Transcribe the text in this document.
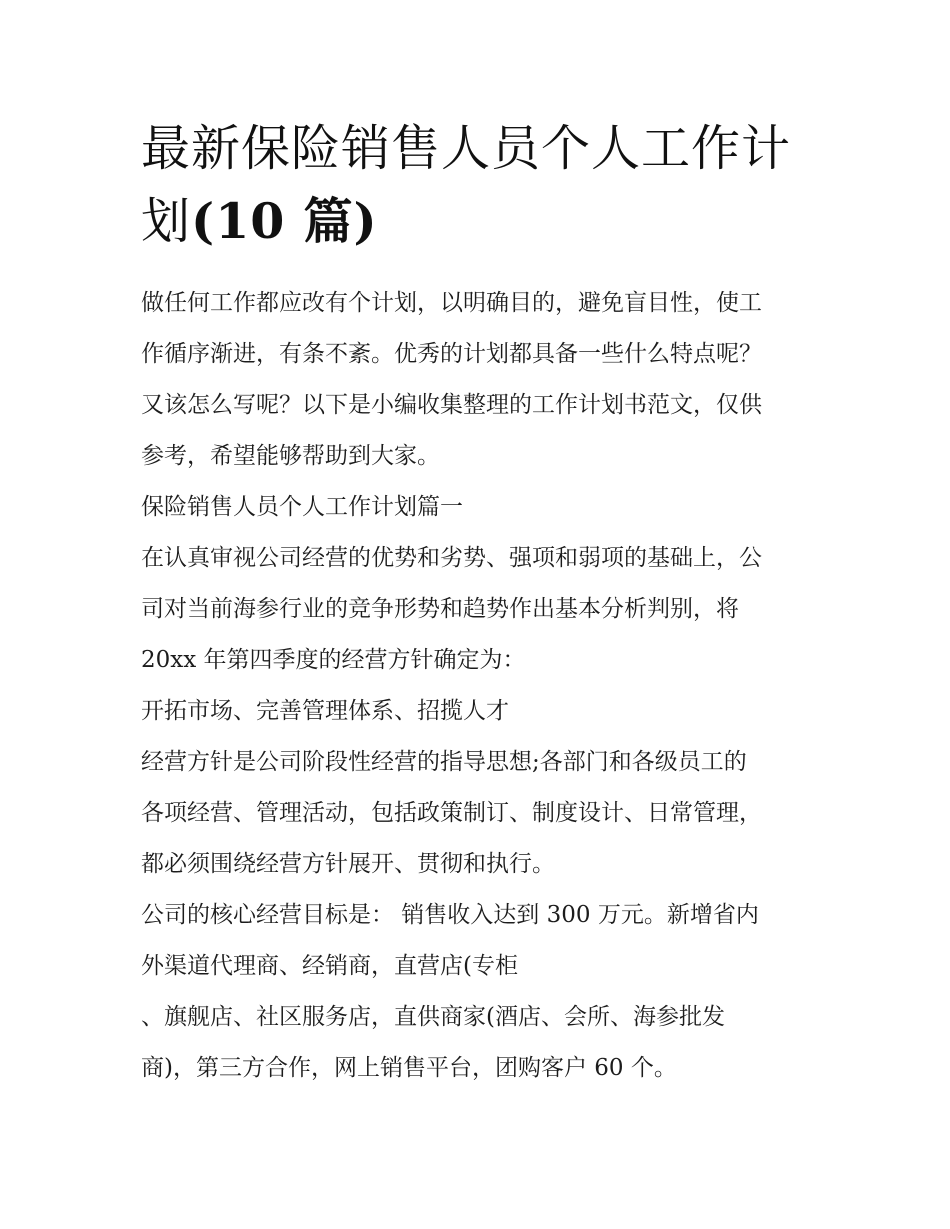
最新保险销售人员个人工作计
划(10 篇)
做任何工作都应改有个计划，以明确目的，避免盲目性，使工
作循序渐进，有条不紊。优秀的计划都具备一些什么特点呢？
又该怎么写呢？以下是小编收集整理的工作计划书范文，仅供
参考，希望能够帮助到大家。
保险销售人员个人工作计划篇一
在认真审视公司经营的优势和劣势、强项和弱项的基础上，公
司对当前海参行业的竞争形势和趋势作出基本分析判别，将
20xx 年第四季度的经营方针确定为：
开拓市场、完善管理体系、招揽人才
经营方针是公司阶段性经营的指导思想;各部门和各级员工的
各项经营、管理活动，包括政策制订、制度设计、日常管理，
都必须围绕经营方针展开、贯彻和执行。
公司的核心经营目标是： 销售收入达到 300 万元。新增省内
外渠道代理商、经销商，直营店(专柜
、旗舰店、社区服务店，直供商家(酒店、会所、海参批发
商)，第三方合作，网上销售平台，团购客户 60 个。
